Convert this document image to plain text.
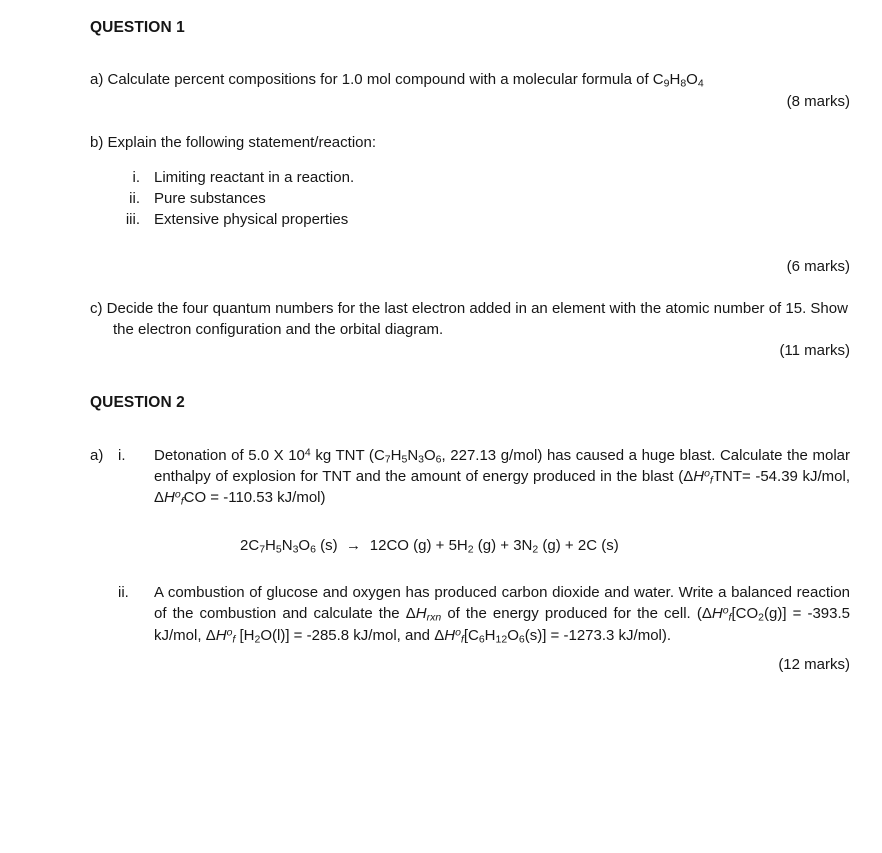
QUESTION 1
a) Calculate percent compositions for 1.0 mol compound with a molecular formula of $C_9H_8O_4$
(8 marks)
b) Explain the following statement/reaction:
i. Limiting reactant in a reaction.
ii. Pure substances
iii. Extensive physical properties
(6 marks)
c) Decide the four quantum numbers for the last electron added in an element with the atomic number of 15. Show the electron configuration and the orbital diagram.
(11 marks)
QUESTION 2
a) i.	Detonation of 5.0 X $10^4$ kg TNT ($C_7H_5N_3O_6$, 227.13 g/mol) has caused a huge blast. Calculate the molar enthalpy of explosion for TNT and the amount of energy produced in the blast ($\Delta H^o_fTNT= -54.39$ kJ/mol, $\Delta H^o_fCO = -110.53$ kJ/mol)
$2C_7H_5N_3O_6$ (s) → 12CO $(g) + 5H_2$ $(g) + 3N_2$ (g) + 2C (s)
ii.	A combustion of glucose and oxygen has produced carbon dioxide and water. Write a balanced reaction of the combustion and calculate the $\Delta H_{rxn}$ of the energy produced for the cell. ($\Delta H^o_f[CO_2(g)] = -393.5$ kJ/mol, $\Delta H^o_f$ $[H_2O(l)] = -285.8$ kJ/mol, and $\Delta H^o_f[C_6H_{12}O_6(s)] = -1273.3$ kJ/mol).
(12 marks)
